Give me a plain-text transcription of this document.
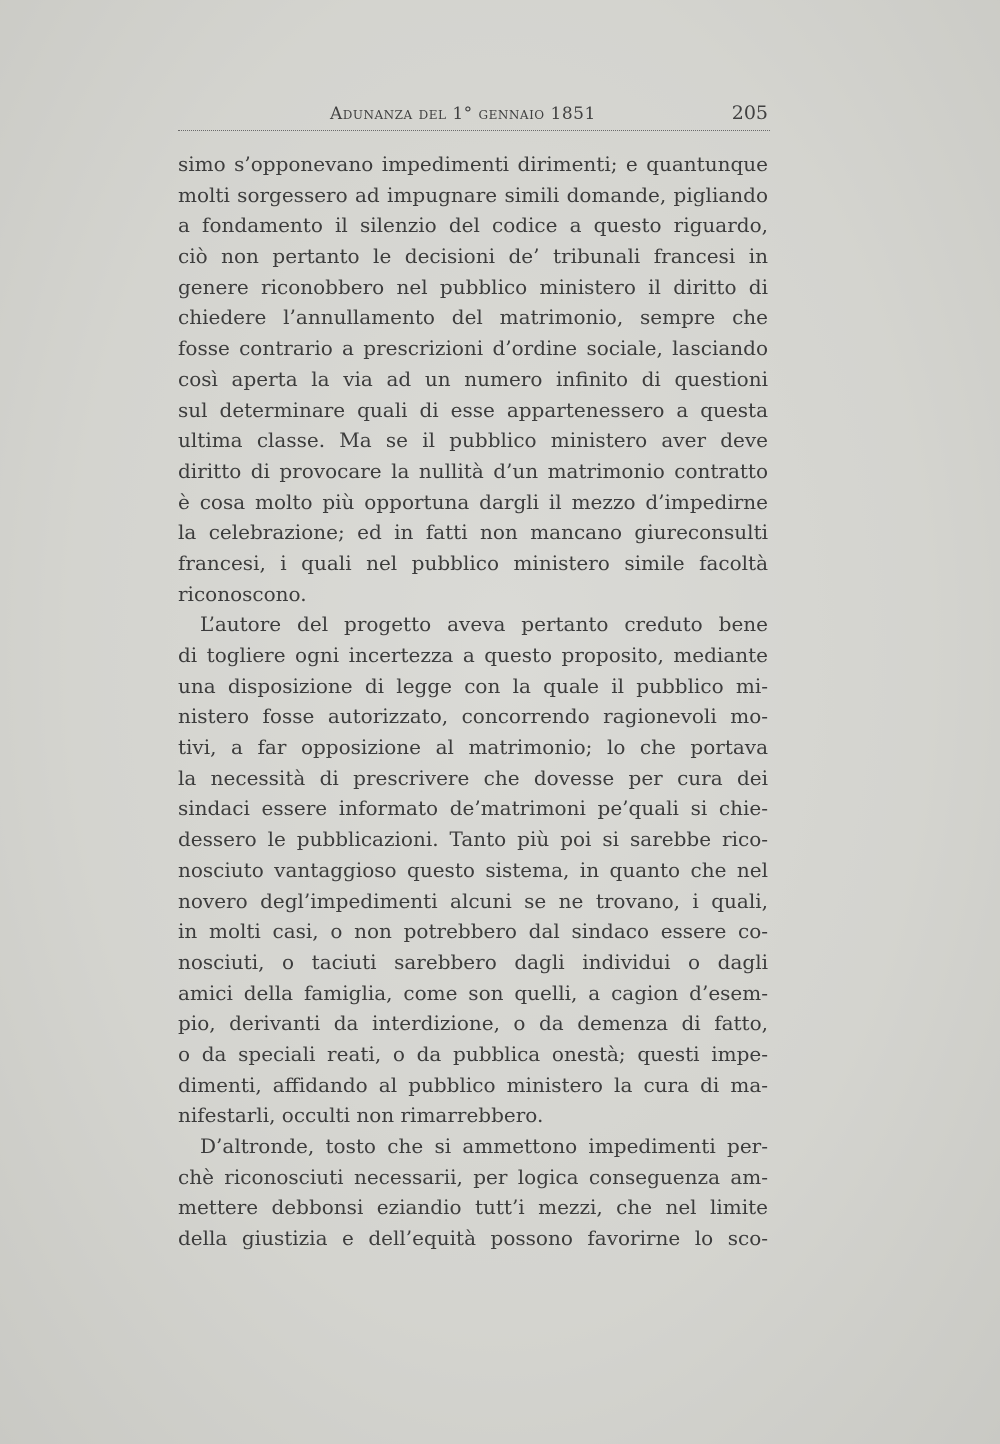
Adunanza del 1° gennaio 1851	205
simo s’opponevano impedimenti dirimenti; e quantunque
molti sorgessero ad impugnare simili domande, pigliando
a fondamento il silenzio del codice a questo riguardo,
ciò non pertanto le decisioni de’ tribunali francesi in
genere riconobbero nel pubblico ministero il diritto di
chiedere l’annullamento del matrimonio, sempre che
fosse contrario a prescrizioni d’ordine sociale, lasciando
così aperta la via ad un numero infinito di questioni
sul determinare quali di esse appartenessero a questa
ultima classe. Ma se il pubblico ministero aver deve
diritto di provocare la nullità d’un matrimonio contratto
è cosa molto più opportuna dargli il mezzo d’impedirne
la celebrazione; ed in fatti non mancano giureconsulti
francesi, i quali nel pubblico ministero simile facoltà
riconoscono.
L’autore del progetto aveva pertanto creduto bene
di togliere ogni incertezza a questo proposito, mediante
una disposizione di legge con la quale il pubblico mi-
nistero fosse autorizzato, concorrendo ragionevoli mo-
tivi, a far opposizione al matrimonio; lo che portava
la necessità di prescrivere che dovesse per cura dei
sindaci essere informato de’matrimoni pe’quali si chie-
dessero le pubblicazioni. Tanto più poi si sarebbe rico-
nosciuto vantaggioso questo sistema, in quanto che nel
novero degl’impedimenti alcuni se ne trovano, i quali,
in molti casi, o non potrebbero dal sindaco essere co-
nosciuti, o taciuti sarebbero dagli individui o dagli
amici della famiglia, come son quelli, a cagion d’esem-
pio, derivanti da interdizione, o da demenza di fatto,
o da speciali reati, o da pubblica onestà; questi impe-
dimenti, affidando al pubblico ministero la cura di ma-
nifestarli, occulti non rimarrebbero.
D’altronde, tosto che si ammettono impedimenti per-
chè riconosciuti necessarii, per logica conseguenza am-
mettere debbonsi eziandio tutt’i mezzi, che nel limite
della giustizia e dell’equità possono favorirne lo sco-
